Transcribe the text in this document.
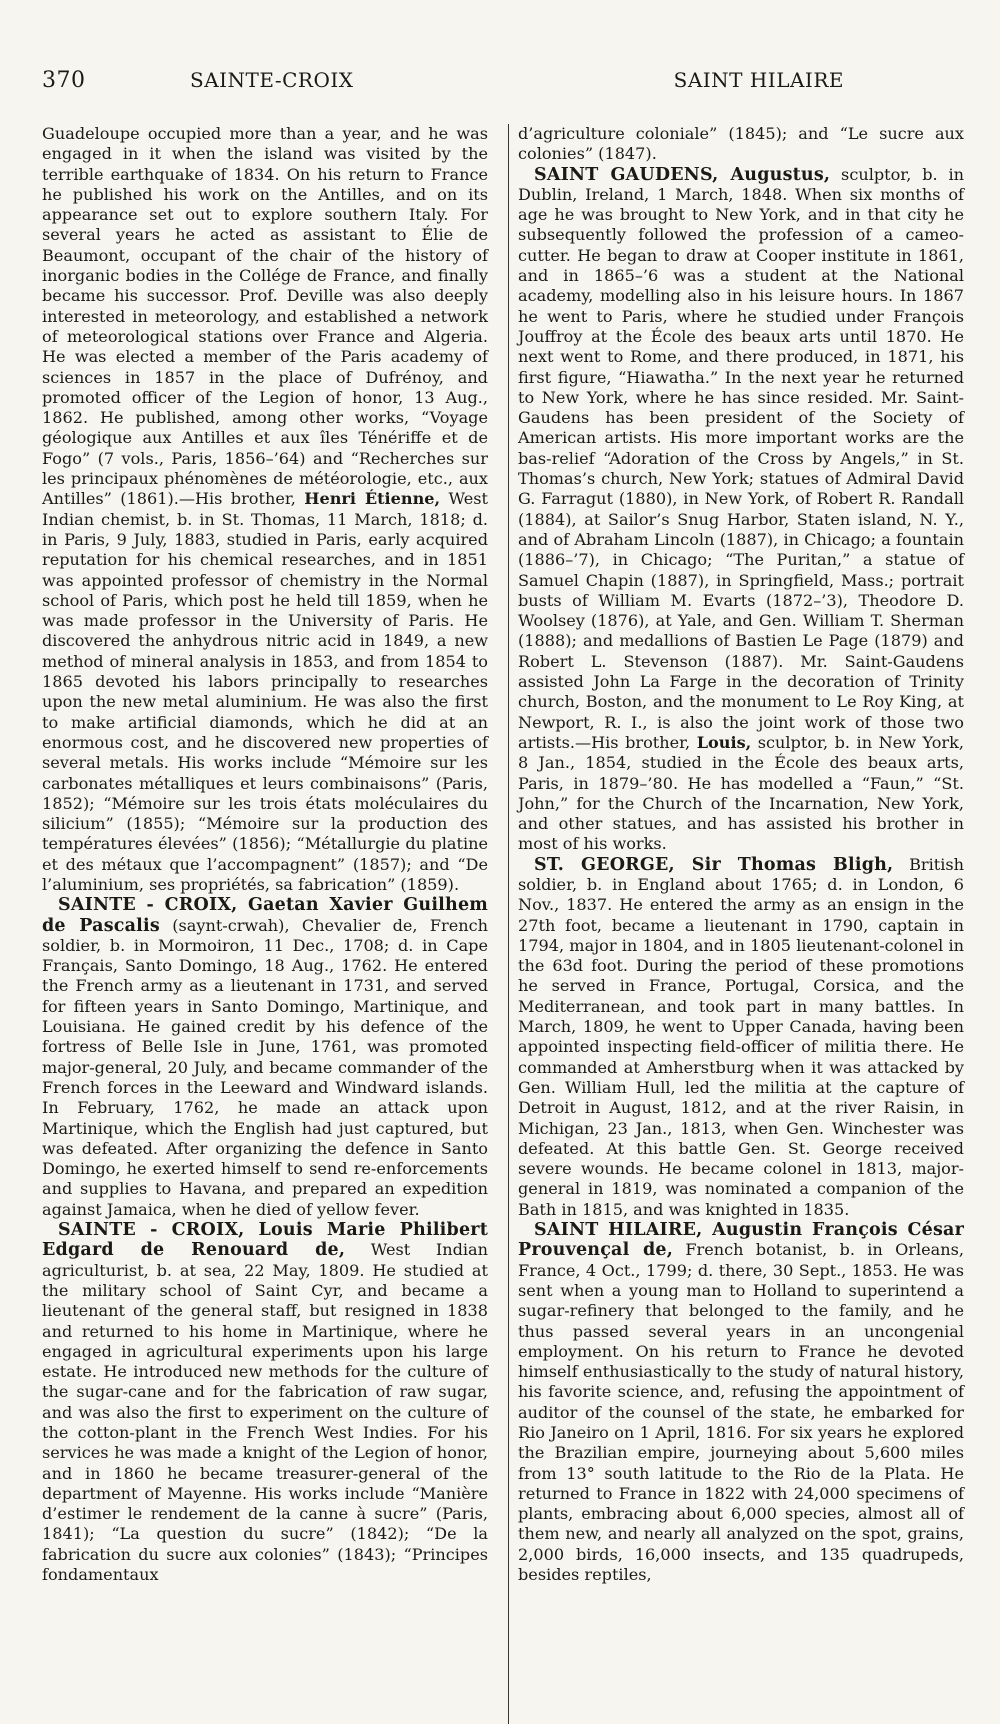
370	SAINTE-CROIX	SAINT HILAIRE

Guadeloupe occupied more than a year, and he was engaged in it when the island was visited by the terrible earthquake of 1834. On his return to France he published his work on the Antilles, and on its appearance set out to explore southern Italy. For several years he acted as assistant to Élie de Beaumont, occupant of the chair of the history of inorganic bodies in the Collége de France, and finally became his successor. Prof. Deville was also deeply interested in meteorology, and established a network of meteorological stations over France and Algeria. He was elected a member of the Paris academy of sciences in 1857 in the place of Dufrénoy, and promoted officer of the Legion of honor, 13 Aug., 1862. He published, among other works, “Voyage géologique aux Antilles et aux îles Ténériffe et de Fogo” (7 vols., Paris, 1856–’64) and “Recherches sur les principaux phénomènes de météorologie, etc., aux Antilles” (1861).—His brother, Henri Étienne, West Indian chemist, b. in St. Thomas, 11 March, 1818; d. in Paris, 9 July, 1883, studied in Paris, early acquired reputation for his chemical researches, and in 1851 was appointed professor of chemistry in the Normal school of Paris, which post he held till 1859, when he was made professor in the University of Paris. He discovered the anhydrous nitric acid in 1849, a new method of mineral analysis in 1853, and from 1854 to 1865 devoted his labors principally to researches upon the new metal aluminium. He was also the first to make artificial diamonds, which he did at an enormous cost, and he discovered new properties of several metals. His works include “Mémoire sur les carbonates métalliques et leurs combinaisons” (Paris, 1852); “Mémoire sur les trois états moléculaires du silicium” (1855); “Mémoire sur la production des températures élevées” (1856); “Métallurgie du platine et des métaux que l’accompagnent” (1857); and “De l’aluminium, ses propriétés, sa fabrication” (1859).

SAINTE - CROIX, Gaetan Xavier Guilhem de Pascalis (saynt-crwah), Chevalier de, French soldier, b. in Mormoiron, 11 Dec., 1708; d. in Cape Français, Santo Domingo, 18 Aug., 1762. He entered the French army as a lieutenant in 1731, and served for fifteen years in Santo Domingo, Martinique, and Louisiana. He gained credit by his defence of the fortress of Belle Isle in June, 1761, was promoted major-general, 20 July, and became commander of the French forces in the Leeward and Windward islands. In February, 1762, he made an attack upon Martinique, which the English had just captured, but was defeated. After organizing the defence in Santo Domingo, he exerted himself to send re-enforcements and supplies to Havana, and prepared an expedition against Jamaica, when he died of yellow fever.

SAINTE - CROIX, Louis Marie Philibert Edgard de Renouard de, West Indian agriculturist, b. at sea, 22 May, 1809. He studied at the military school of Saint Cyr, and became a lieutenant of the general staff, but resigned in 1838 and returned to his home in Martinique, where he engaged in agricultural experiments upon his large estate. He introduced new methods for the culture of the sugar-cane and for the fabrication of raw sugar, and was also the first to experiment on the culture of the cotton-plant in the French West Indies. For his services he was made a knight of the Legion of honor, and in 1860 he became treasurer-general of the department of Mayenne. His works include “Manière d’estimer le rendement de la canne à sucre” (Paris, 1841); “La question du sucre” (1842); “De la fabrication du sucre aux colonies” (1843); “Principes fondamentaux

d’agriculture coloniale” (1845); and “Le sucre aux colonies” (1847).

SAINT GAUDENS, Augustus, sculptor, b. in Dublin, Ireland, 1 March, 1848. When six months of age he was brought to New York, and in that city he subsequently followed the profession of a cameo-cutter. He began to draw at Cooper institute in 1861, and in 1865–’6 was a student at the National academy, modelling also in his leisure hours. In 1867 he went to Paris, where he studied under François Jouffroy at the École des beaux arts until 1870. He next went to Rome, and there produced, in 1871, his first figure, “Hiawatha.” In the next year he returned to New York, where he has since resided. Mr. Saint-Gaudens has been president of the Society of American artists. His more important works are the bas-relief “Adoration of the Cross by Angels,” in St. Thomas’s church, New York; statues of Admiral David G. Farragut (1880), in New York, of Robert R. Randall (1884), at Sailor’s Snug Harbor, Staten island, N. Y., and of Abraham Lincoln (1887), in Chicago; a fountain (1886–’7), in Chicago; “The Puritan,” a statue of Samuel Chapin (1887), in Springfield, Mass.; portrait busts of William M. Evarts (1872–’3), Theodore D. Woolsey (1876), at Yale, and Gen. William T. Sherman (1888); and medallions of Bastien Le Page (1879) and Robert L. Stevenson (1887). Mr. Saint-Gaudens assisted John La Farge in the decoration of Trinity church, Boston, and the monument to Le Roy King, at Newport, R. I., is also the joint work of those two artists.—His brother, Louis, sculptor, b. in New York, 8 Jan., 1854, studied in the École des beaux arts, Paris, in 1879–’80. He has modelled a “Faun,” “St. John,” for the Church of the Incarnation, New York, and other statues, and has assisted his brother in most of his works.

ST. GEORGE, Sir Thomas Bligh, British soldier, b. in England about 1765; d. in London, 6 Nov., 1837. He entered the army as an ensign in the 27th foot, became a lieutenant in 1790, captain in 1794, major in 1804, and in 1805 lieutenant-colonel in the 63d foot. During the period of these promotions he served in France, Portugal, Corsica, and the Mediterranean, and took part in many battles. In March, 1809, he went to Upper Canada, having been appointed inspecting field-officer of militia there. He commanded at Amherstburg when it was attacked by Gen. William Hull, led the militia at the capture of Detroit in August, 1812, and at the river Raisin, in Michigan, 23 Jan., 1813, when Gen. Winchester was defeated. At this battle Gen. St. George received severe wounds. He became colonel in 1813, major-general in 1819, was nominated a companion of the Bath in 1815, and was knighted in 1835.

SAINT HILAIRE, Augustin François César Prouvençal de, French botanist, b. in Orleans, France, 4 Oct., 1799; d. there, 30 Sept., 1853. He was sent when a young man to Holland to superintend a sugar-refinery that belonged to the family, and he thus passed several years in an uncongenial employment. On his return to France he devoted himself enthusiastically to the study of natural history, his favorite science, and, refusing the appointment of auditor of the counsel of the state, he embarked for Rio Janeiro on 1 April, 1816. For six years he explored the Brazilian empire, journeying about 5,600 miles from 13° south latitude to the Rio de la Plata. He returned to France in 1822 with 24,000 specimens of plants, embracing about 6,000 species, almost all of them new, and nearly all analyzed on the spot, grains, 2,000 birds, 16,000 insects, and 135 quadrupeds, besides reptiles,
